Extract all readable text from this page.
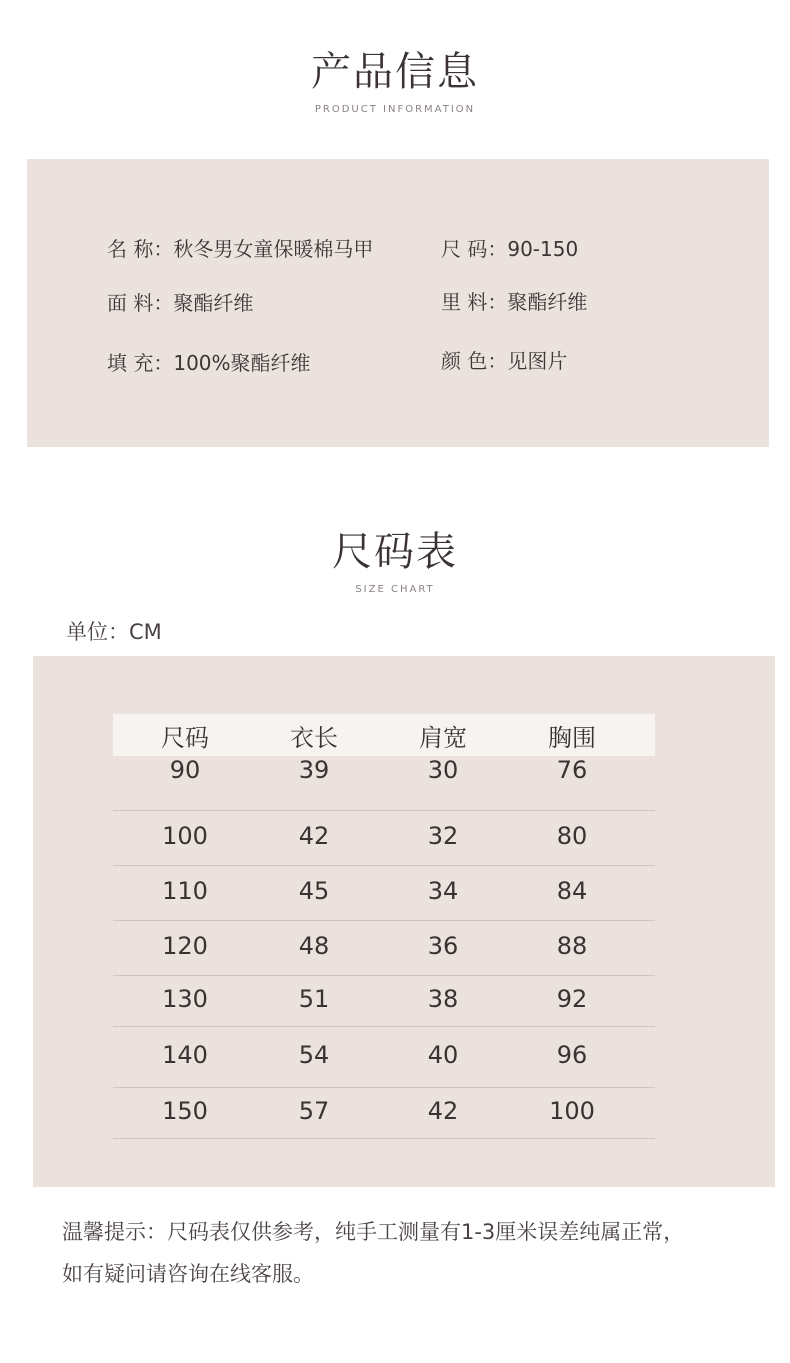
产品信息
PRODUCT INFORMATION
名 称：秋冬男女童保暖棉马甲	尺 码：90-150
面 料：聚酯纤维	里 料：聚酯纤维
填 充：100%聚酯纤维	颜 色：见图片
尺码表
SIZE CHART
单位：CM
尺码	衣长	肩宽	胸围
90	39	30	76
100	42	32	80
110	45	34	84
120	48	36	88
130	51	38	92
140	54	40	96
150	57	42	100
温馨提示：尺码表仅供参考，纯手工测量有1-3厘米误差纯属正常，
如有疑问请咨询在线客服。
